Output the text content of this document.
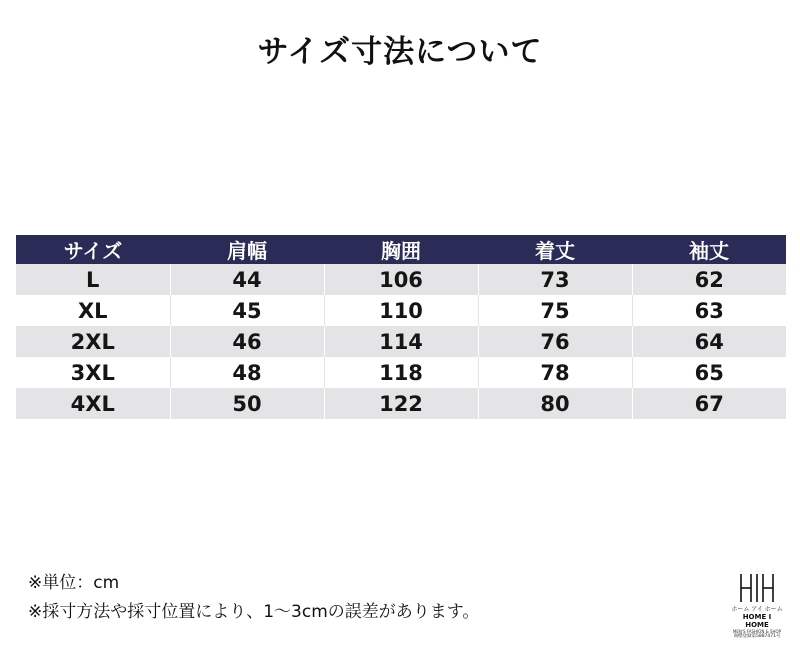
サイズ寸法について
サイズ	肩幅	胸囲	着丈	袖丈
L	44	106	73	62
XL	45	110	75	63
2XL	46	114	76	64
3XL	48	118	78	65
4XL	50	122	80	67
※単位：cm
※採寸方法や採寸位置により、1～3cmの誤差があります。	ホーム アイ ホーム
HOME I HOME
MEN'S FASHION & SHOP
商標登録第5887471号
